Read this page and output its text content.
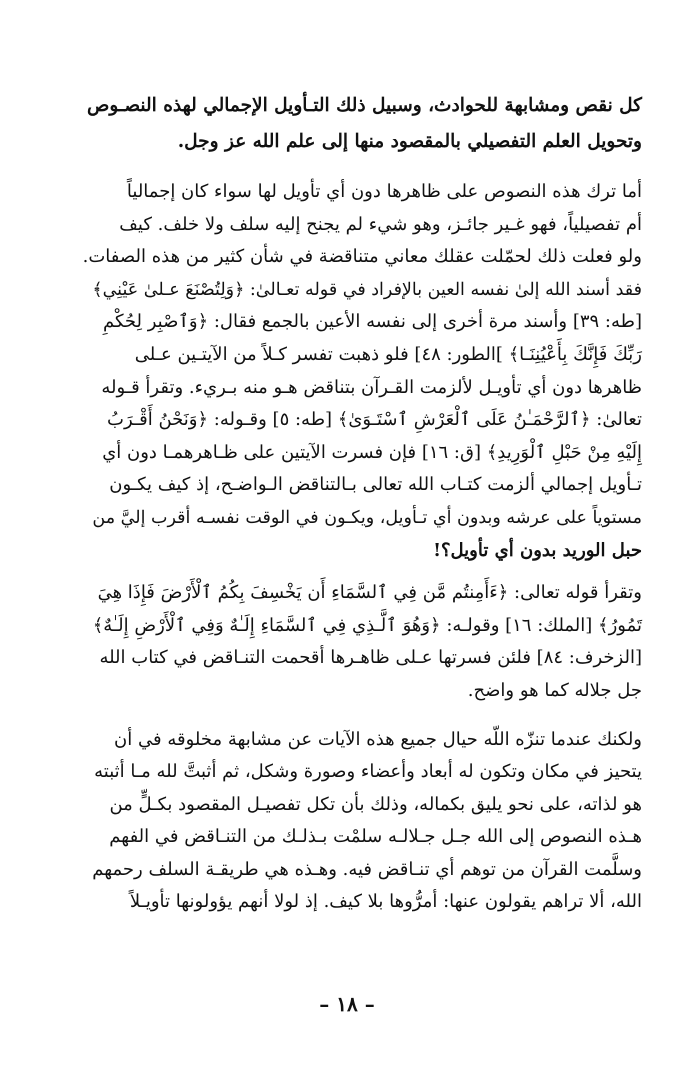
كل نقص ومشابهة للحوادث، وسبيل ذلك التـأويل الإجمالي لهذه النصـوص
وتحويل العلم التفصيلي بالمقصود منها إلى علم الله عز وجل.

أما ترك هذه النصوص على ظاهرها دون أي تأويل لها سواء كان إجمالياً
أم تفصيلياً، فهو غـير جائـز، وهو شيء لم يجنح إليه سلف ولا خلف. كيف
ولو فعلت ذلك لحمّلت عقلك معاني متناقضة في شأن كثير من هذه الصفات.
فقد أسند الله إلىٰ نفسه العين بالإفراد في قوله تعـالىٰ: ﴿وَلِتُصْنَعَ عـلىٰ عَيْنِي﴾
[طه: ٣٩] وأسند مرة أخرى إلى نفسه الأعين بالجمع فقال: ﴿وَٱصْبِر لِحُكْمِ
رَبِّكَ فَإِنَّكَ بِأَعْيُنِنَـا﴾ ]الطور: ٤٨] فلو ذهبت تفسر كـلاً من الآيتـين عـلى
ظاهرها دون أي تأويـل لألزمت القـرآن بتناقض هـو منه بـريء. وتقرأ قـوله
تعالىٰ: ﴿ٱلرَّحْمَـٰنُ عَلَى ٱلْعَرْشِ ٱسْتَـوَىٰ﴾ [طه: ٥] وقـوله: ﴿وَنَحْنُ أَقْـرَبُ
إِلَيْهِ مِنْ حَبْلِ ٱلْوَرِيدِ﴾ [ق: ١٦] فإن فسرت الآيتين على ظـاهرهمـا دون أي
تـأويل إجمالي ألزمت كتـاب الله تعالى بـالتناقض الـواضـح، إذ كيف يكـون
مستوياً على عرشه وبدون أي تـأويل، ويكـون في الوقت نفسـه أقرب إليَّ من
حبل الوريد بدون أي تأويل؟!

وتقرأ قوله تعالى: ﴿ءَأَمِنتُم مَّن فِي ٱلسَّمَاءِ أَن يَخْسِفَ بِكُمُ ٱلْأَرْضَ فَإِذَا هِيَ
تَمُورُ﴾ [الملك: ١٦] وقولـه: ﴿وَهُوَ ٱلَّـذِي فِي ٱلسَّمَاءِ إِلَـٰهٌ وَفِي ٱلْأَرْضِ إِلَـٰهٌ﴾
[الزخرف: ٨٤] فلئن فسرتها عـلى ظاهـرها أقحمت التنـاقض في كتاب الله
جل جلاله كما هو واضح.

ولكنك عندما تنزّه اللّه حيال جميع هذه الآيات عن مشابهة مخلوقه في أن
يتحيز في مكان وتكون له أبعاد وأعضاء وصورة وشكل، ثم أثبتَّ لله مـا أثبته
هو لذاته، على نحو يليق بكماله، وذلك بأن تكل تفصيـل المقصود بكـلٍّ من
هـذه النصوص إلى الله جـل جـلالـه سلمْت بـذلـك من التنـاقض في الفهم
وسلَّمت القرآن من توهم أي تنـاقض فيه. وهـذه هي طريقـة السلف رحمهم
الله، ألا تراهم يقولون عنها: أمرُّوها بلا كيف. إذ لولا أنهم يؤولونها تأويـلاً

– ١٨ –
